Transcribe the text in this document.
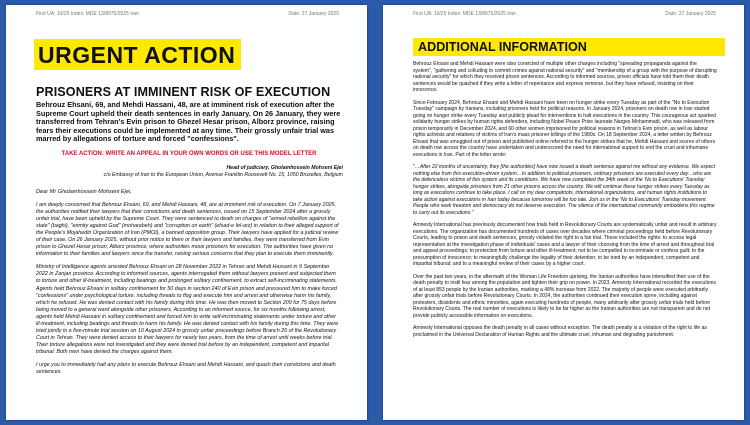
First UA: 10/25 Index: MDE 13/8975/2025 Iran	Date: 27 January 2025
URGENT ACTION
PRISONERS AT IMMINENT RISK OF EXECUTION
Behrouz Ehsani, 69, and Mehdi Hassani, 48, are at imminent risk of execution after the Supreme Court upheld their death sentences in early January. On 26 January, they were transferred from Tehran's Evin prison to Ghezel Hesar prison, Alborz province, raising fears their executions could be implemented at any time. Their grossly unfair trial was marred by allegations of torture and forced "confessions".
TAKE ACTION: WRITE AN APPEAL IN YOUR OWN WORDS OR USE THIS MODEL LETTER
Head of judiciary, Gholamhossein Mohseni Ejei
c/o Embassy of Iran to the European Union, Avenue Franklin Roosevelt No. 15, 1050 Bruxelles, Belgium
Dear Mr Gholamhossein Mohseni Ejei,

I am deeply concerned that Behrouz Ehsani, 69, and Mehdi Hassani, 48, are at imminent risk of execution. On 7 January 2025, the authorities notified their lawyers that their convictions and death sentences, issued on 15 September 2024 after a grossly unfair trial, have been upheld by the Supreme Court. They were sentenced to death on charges of "armed rebellion against the state" (baghi), "enmity against God" (moharebeh) and "corruption on earth" (efsad-e fel-arz) in relation to their alleged support of the People's Mojahedin Organization of Iran (PMOI), a banned opposition group. Their lawyers have applied for a judicial review of their case. On 26 January 2025, without prior notice to them or their lawyers and families, they were transferred from Evin prison to Ghezel Hesar prison, Alborz province, where authorities move prisoners for execution. The authorities have given no information to their families and lawyers since the transfer, raising serious concerns that they plan to execute them imminently.

Ministry of Intelligence agents arrested Behrouz Ehsani on 28 November 2022 in Tehran and Mehdi Hassani in 9 September 2022 in Zanjan province. According to informed sources, agents interrogated them without lawyers present and subjected them to torture and other ill-treatment, including beatings and prolonged solitary confinement, to extract self-incriminating statements. Agents held Behrouz Ehsani in solitary confinement for 50 days in section 240 of Evin prison and pressured him to make forced "confessions" under psychological torture, including threats to flog and execute him and arrest and otherwise harm his family, which he refused. He was denied contact with his family during this time. He was then moved to Section 209 for 75 days before being moved to a general ward alongside other prisoners. According to an informed source, for six months following arrest, agents held Mehdi Hassani in solitary confinement and forced him to write self-incriminating statements under torture and other ill-treatment, including beatings and threats to harm his family. He was denied contact with his family during this time. They were tried jointly in a five-minute trial session on 10 August 2024 in grossly unfair proceedings before Branch 26 of the Revolutionary Court in Tehran. They were denied access to their lawyers for nearly two years, from the time of arrest until weeks before trial. Their torture allegations were not investigated and they were denied trial before by an independent, competent and impartial tribunal. Both men have denied the charges against them.

I urge you to immediately halt any plans to execute Behrouz Ehsani and Mehdi Hassani, and quash their convictions and death sentences.

First UA: 10/25 Index: MDE 13/8975/2025 Iran	Date: 27 January 2025
ADDITIONAL INFORMATION

Behrouz Ehsani and Mehdi Hassani were also convicted of multiple other charges including "spreading propaganda against the system", "gathering and colluding to commit crimes against national security" and "membership of a group with the purpose of disrupting national security" for which they received prison sentences. According to informed sources, prison officials have told them their death sentences would be quashed if they write a letter of repentance and express remorse, but they have refused, insisting on their innocence.

Since February 2024, Behrouz Ehsani and Mehdi Hassani have been on hunger strike every Tuesday as part of the "No to Execution Tuesday" campaign by Iranians, including prisoners held for political reasons. In January 2024, prisoners on death row in Iran started going on hunger strike every Tuesday and publicly plead for interventions to halt executions in the country. This courageous act sparked solidarity hunger strikes by human rights defenders, including Nobel Peace Prize laureate Narges Mohammadi, who was released from prison temporarily in December 2024, and 60 other women imprisoned for political reasons in Tehran's Evin prison, as well as labour rights activists and relatives of victims of Iran's mass prisoner killings of the 1980s. On 18 September 2024, a letter written by Behrouz Ehsani that was smuggled out of prison and published online referred to the hunger strikes that he, Mehdi Hassani and scores of others on death row across the country have undertaken and underscored the need for international support to end the cruel and inhumane executions in Iran. Part of the letter wrote:

"…After 22 months of uncertainty, they [the authorities] have now issued a death sentence against me without any evidence. We expect nothing else from this execution-driven system…In addition to political prisoners, ordinary prisoners are executed every day…who are the defenceless victims of this system and its conditions. We have now completed the 34th week of the 'No to Executions' Tuesday hunger strikes, alongside prisoners from 21 other prisons across the country. We will continue these hunger strikes every Tuesday as long as executions continue to take place. I call on my dear compatriots, international organizations, and human rights institutions to take action against executions in Iran today because tomorrow will be too late. Join us in the 'No to Executions' Tuesday movement. People who seek freedom and democracy do not deserve execution. The silence of the international community emboldens this regime to carry out its executions."

Amnesty International has previously documented how trials held in Revolutionary Courts are systematically unfair and result in arbitrary executions. The organization has documented hundreds of cases over decades where criminal proceedings held before Revolutionary Courts, leading to prison and death sentences, grossly violated the right to a fair trial. These included the rights: to access legal representation at the investigation phase of individuals' cases and a lawyer of their choosing from the time of arrest and throughout trial and appeal proceedings; to protection from torture and other ill-treatment; not to be compelled to incriminate or confess guilt; to the presumption of innocence; to meaningfully challenge the legality of their detention; to be tried by an independent, competent and impartial tribunal; and to a meaningful review of their cases by a higher court.

Over the past two years, in the aftermath of the Woman Life Freedom uprising, the Iranian authorities have intensified their use of the death penalty to instil fear among the population and tighten their grip on power. In 2023, Amnesty International recorded the executions of at least 853 people by the Iranian authorities, marking a 48% increase from 2022. The majority of people were executed arbitrarily after grossly unfair trials before Revolutionary Courts. In 2024, the authorities continued their execution spree, including against protesters, dissidents and ethnic minorities, again executing hundreds of people, many arbitrarily after grossly unfair trials held before Revolutionary Courts. The real number of executions is likely to be far higher as the Iranian authorities are not transparent and do not provide publicly accessible information on executions.

Amnesty International opposes the death penalty in all cases without exception. The death penalty is a violation of the right to life as proclaimed in the Universal Declaration of Human Rights and the ultimate cruel, inhuman and degrading punishment.
